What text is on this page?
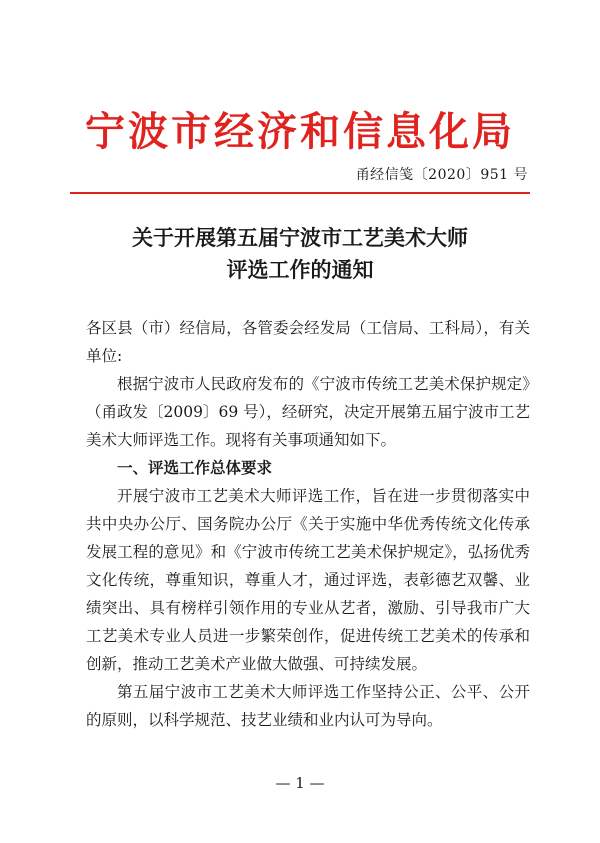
宁波市经济和信息化局
甬经信笺〔2020〕951 号
关于开展第五届宁波市工艺美术大师
评选工作的通知

各区县（市）经信局，各管委会经发局（工信局、工科局），有关单位:

根据宁波市人民政府发布的《宁波市传统工艺美术保护规定》（甬政发〔2009〕69 号），经研究，决定开展第五届宁波市工艺美术大师评选工作。现将有关事项通知如下。

一、评选工作总体要求

开展宁波市工艺美术大师评选工作，旨在进一步贯彻落实中共中央办公厅、国务院办公厅《关于实施中华优秀传统文化传承发展工程的意见》和《宁波市传统工艺美术保护规定》，弘扬优秀文化传统，尊重知识，尊重人才，通过评选，表彰德艺双馨、业绩突出、具有榜样引领作用的专业从艺者，激励、引导我市广大工艺美术专业人员进一步繁荣创作，促进传统工艺美术的传承和创新，推动工艺美术产业做大做强、可持续发展。

第五届宁波市工艺美术大师评选工作坚持公正、公平、公开的原则，以科学规范、技艺业绩和业内认可为导向。

— 1 —
